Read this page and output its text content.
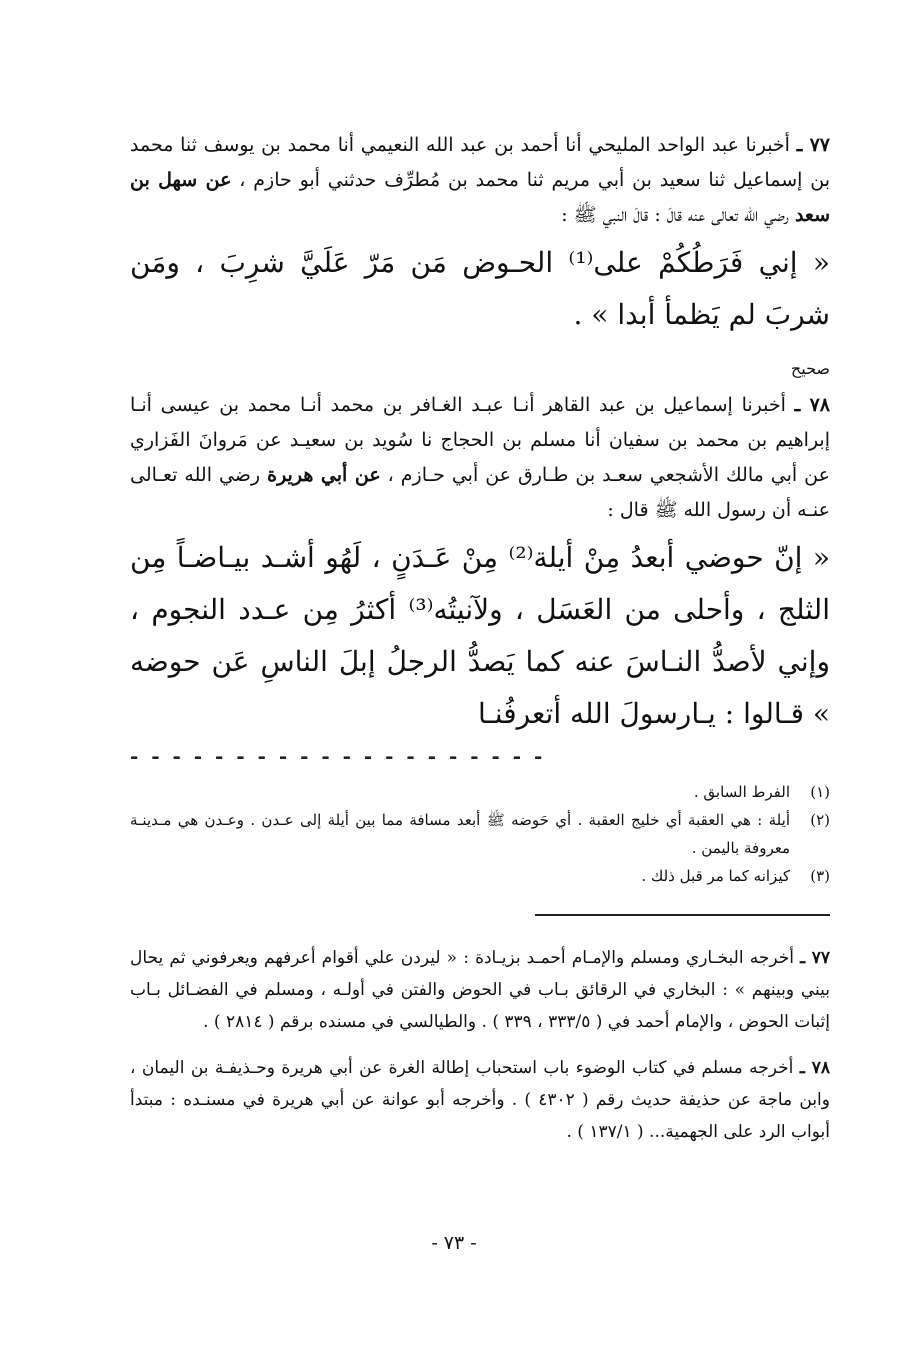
٧٧ ـ أخبرنا عبد الواحد المليحي أنا أحمد بن عبد الله النعيمي أنا محمد بن يوسف ثنا محمد بن إسماعيل ثنا سعيد بن أبي مريم ثنا محمد بن مُطرِّف حدثني أبو حازم ، عن سهل بن سعد رضي الله تعالى عنه قالَ : قالَ النبي ﷺ :

« إني فَرَطُكُمْ على⁽¹⁾ الحـوض مَن مَرّ عَلَيَّ شرِبَ ، ومَن شربَ لم يَظمأ أبدا » .

صحيح

٧٨ ـ أخبرنا إسماعيل بن عبد القاهر أنـا عبـد الغـافر بن محمد أنـا محمد بن عيسى أنـا إبراهيم بن محمد بن سفيان أنا مسلم بن الحجاج نا سُويد بن سعيـد عن مَروانَ الفَزاري عن أبي مالك الأشجعي سعـد بن طـارق عن أبي حـازم ، عن أبي هريرة رضي الله تعـالى عنـه أن رسول الله ﷺ قال :

« إنّ حوضي أبعدُ مِنْ أيلة⁽²⁾ مِنْ عَـدَنٍ ، لَهُو أشـد بيـاضـاً مِن الثلج ، وأحلى من العَسَل ، ولآنيتُه⁽³⁾ أكثرُ مِن عـدد النجوم ، وإني لأصدُّ النـاسَ عنه كما يَصدُّ الرجلُ إبلَ الناسِ عَن حوضه » قـالوا : يـارسولَ الله أتعرفُنـا

- - - - - - - - - - - - - - - - - - - -
(١)
الفرط السابق .
(٢)
أيلة : هي العقبة أي خليج العقبة . أي حَوضه ﷺ أبعد مسافة مما بين أيلة إلى عـدن . وعـدن هي مـدينـة معروفة باليمن .
(٣)
كيزانه كما مر قبل ذلك .

٧٧ ـ أخرجه البخـاري ومسلم والإمـام أحمـد بزيـادة : « ليردن علي أقوام أعرفهم ويعرفوني ثم يحال بيني وبينهم » : البخاري في الرقائق بـاب في الحوض والفتن في أولـه ، ومسلم في الفضـائل بـاب إثبات الحوض ، والإمام أحمد في ( ٣٣٣/٥ ، ٣٣٩ ) . والطيالسي في مسنده برقم ( ٢٨١٤ ) .

٧٨ ـ أخرجه مسلم في كتاب الوضوء باب استحباب إطالة الغرة عن أبي هريرة وحـذيفـة بن اليمان ، وابن ماجة عن حذيفة حديث رقم ( ٤٣٠٢ ) . وأخرجه أبو عوانة عن أبي هريرة في مسنـده : مبتدأ أبواب الرد على الجهمية... ( ١٣٧/١ ) .

- ٧٣ -
